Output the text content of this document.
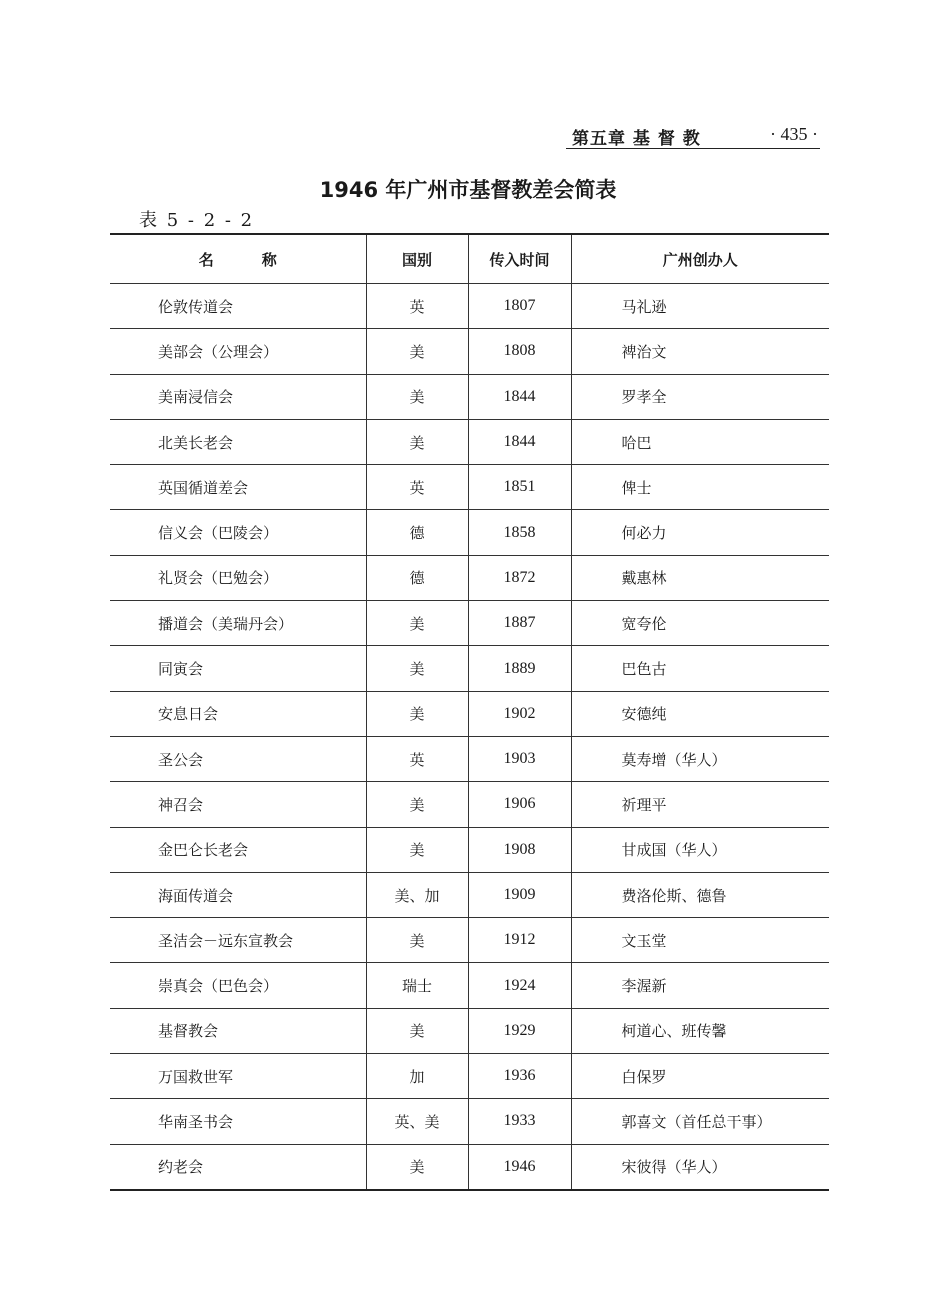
第五章 基 督 教	· 435 ·
1946 年广州市基督教差会简表
表 5 - 2 - 2
名称	国别	传入时间	广州创办人
伦敦传道会	英	1807	马礼逊
美部会（公理会）	美	1808	裨治文
美南浸信会	美	1844	罗孝全
北美长老会	美	1844	哈巴
英国循道差会	英	1851	俾士
信义会（巴陵会）	德	1858	何必力
礼贤会（巴勉会）	德	1872	戴惠林
播道会（美瑞丹会）	美	1887	宽夸伦
同寅会	美	1889	巴色古
安息日会	美	1902	安德纯
圣公会	英	1903	莫寿增（华人）
神召会	美	1906	祈理平
金巴仑长老会	美	1908	甘成国（华人）
海面传道会	美、加	1909	费洛伦斯、德鲁
圣洁会－远东宣教会	美	1912	文玉堂
崇真会（巴色会）	瑞士	1924	李渥新
基督教会	美	1929	柯道心、班传馨
万国救世军	加	1936	白保罗
华南圣书会	英、美	1933	郭喜文（首任总干事）
约老会	美	1946	宋彼得（华人）
